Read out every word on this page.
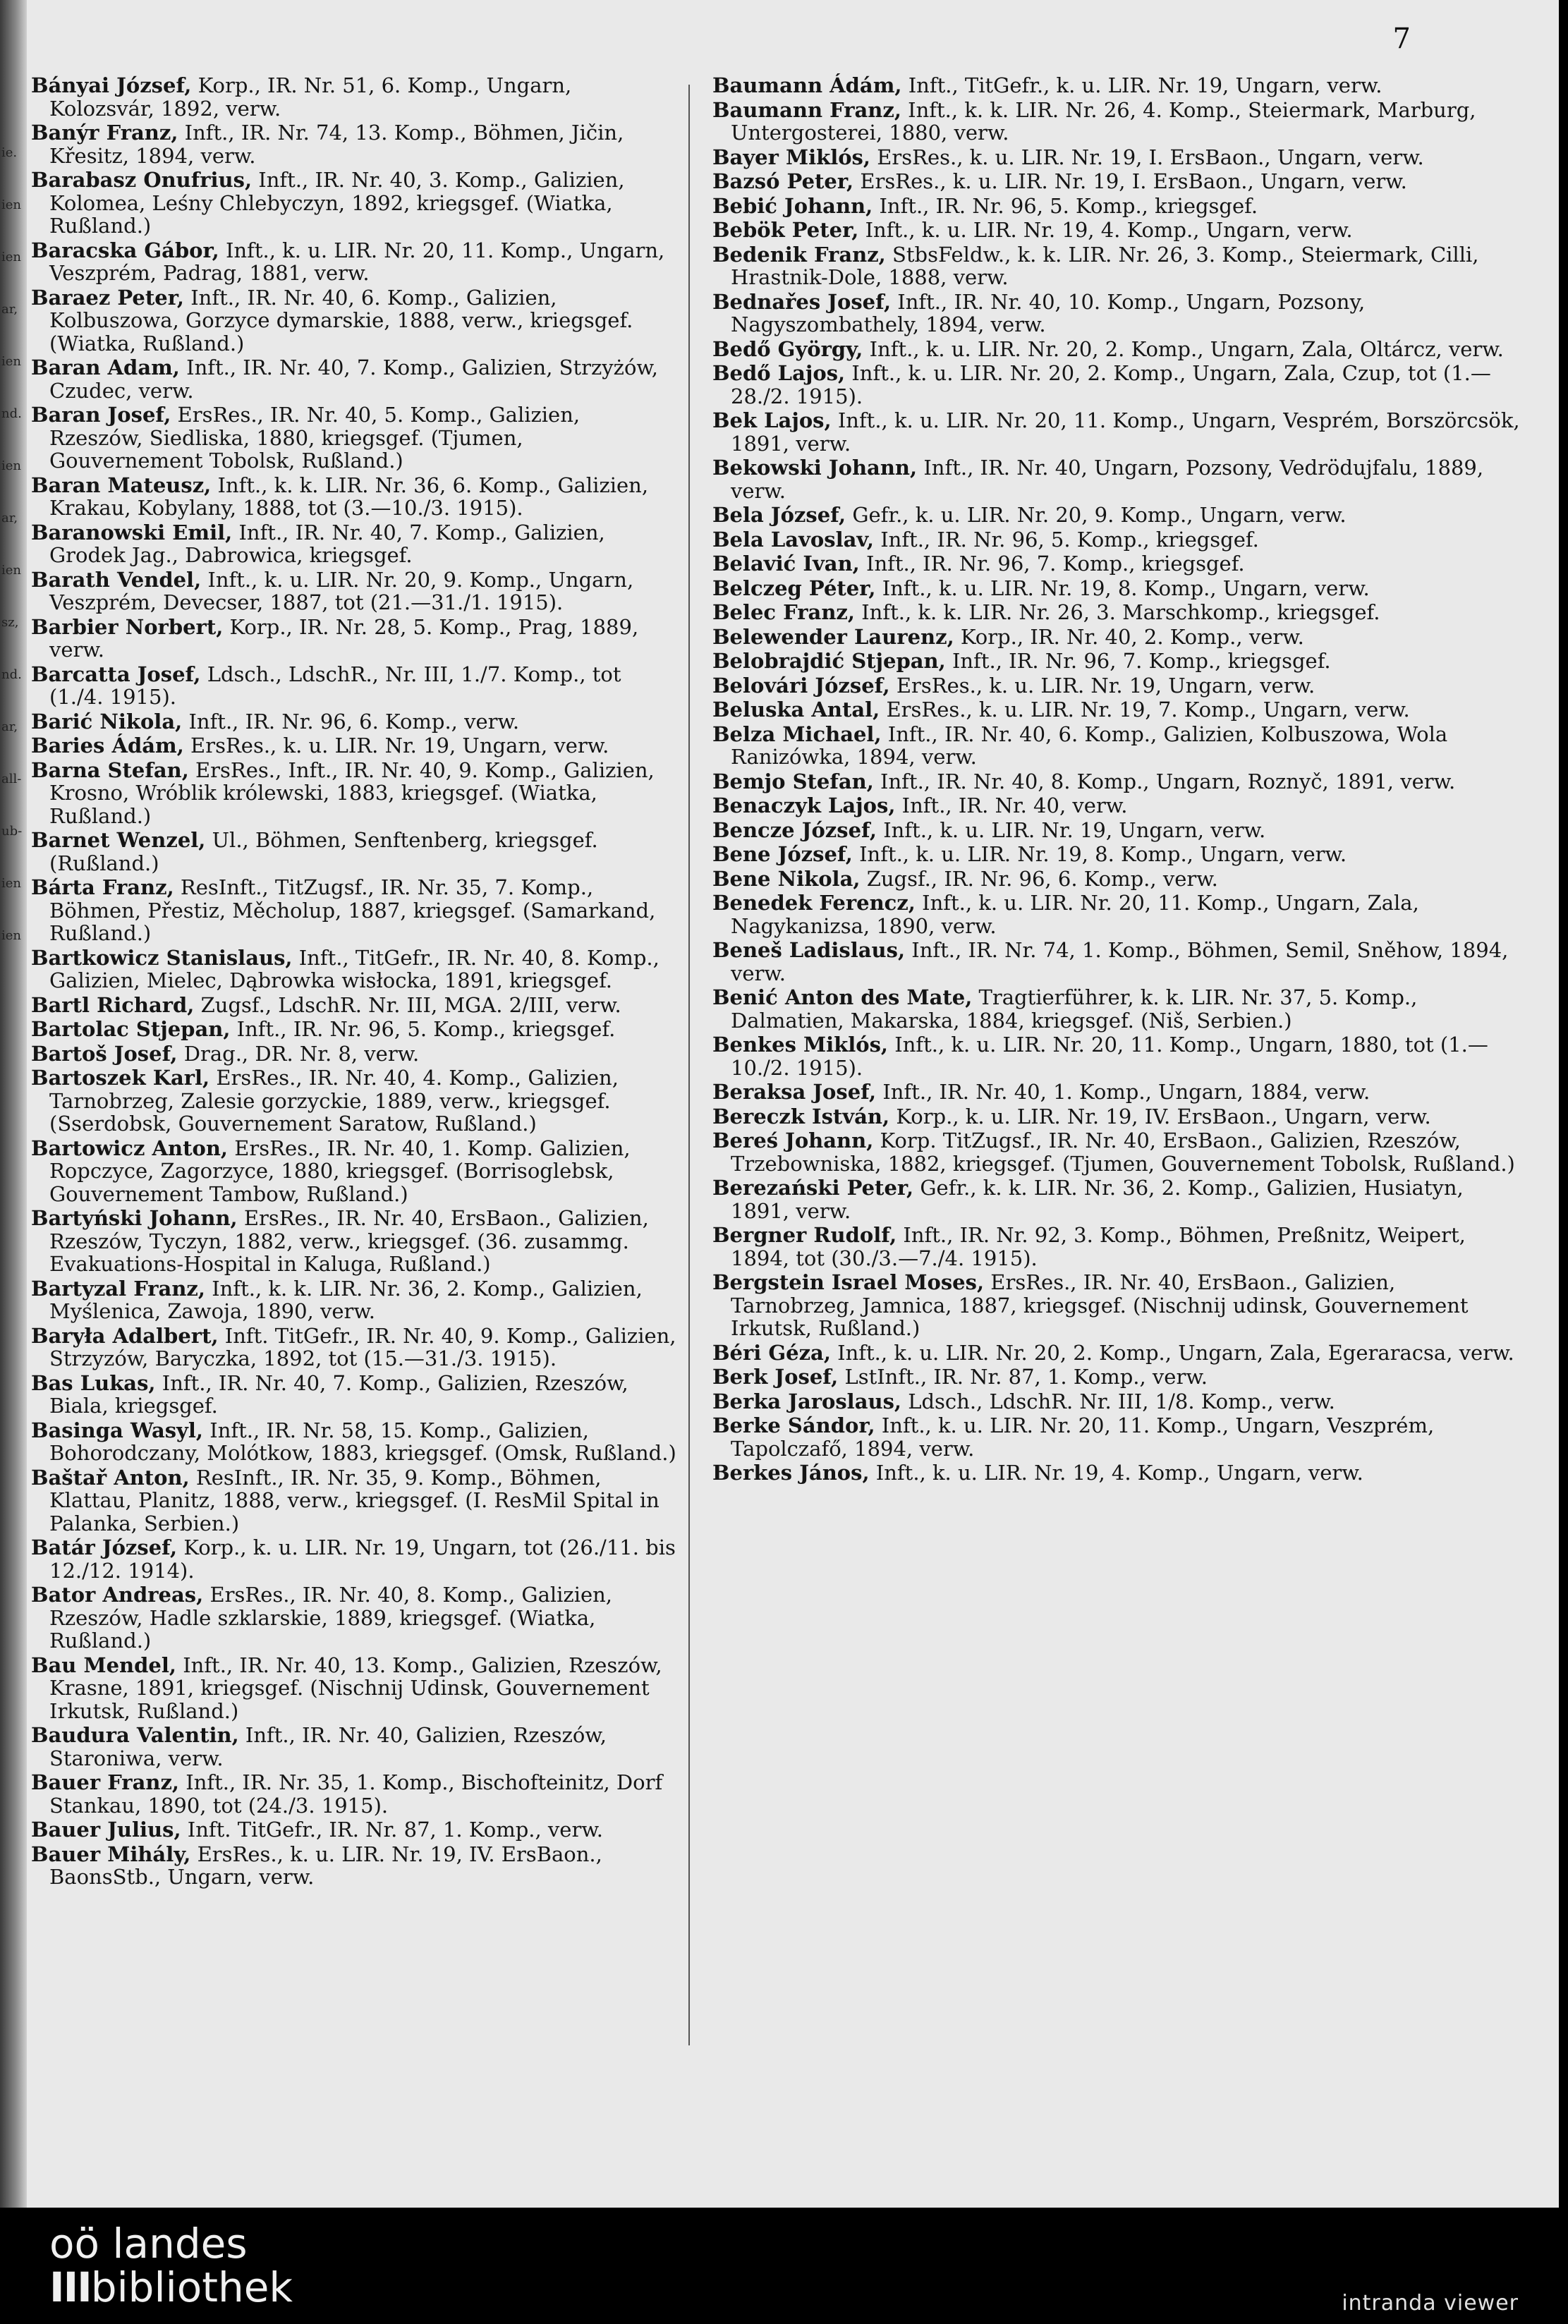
ie.
ien
ien
ar,
ien
nd.
ien
ar,
ien
sz,
nd.
ar,
all-
ub-
ien
ien
7

Bányai József, Korp., IR. Nr. 51, 6. Komp., Ungarn, Kolozsvár, 1892, verw.

Banýr Franz, Inft., IR. Nr. 74, 13. Komp., Böhmen, Jičin, Křesitz, 1894, verw.

Barabasz Onufrius, Inft., IR. Nr. 40, 3. Komp., Galizien, Kolomea, Leśny Chlebyczyn, 1892, kriegsgef. (Wiatka, Rußland.)

Baracska Gábor, Inft., k. u. LIR. Nr. 20, 11. Komp., Ungarn, Veszprém, Padrag, 1881, verw.

Baraez Peter, Inft., IR. Nr. 40, 6. Komp., Galizien, Kolbuszowa, Gorzyce dymarskie, 1888, verw., kriegsgef. (Wiatka, Rußland.)

Baran Adam, Inft., IR. Nr. 40, 7. Komp., Galizien, Strzyżów, Czudec, verw.

Baran Josef, ErsRes., IR. Nr. 40, 5. Komp., Galizien, Rzeszów, Siedliska, 1880, kriegsgef. (Tjumen, Gouvernement Tobolsk, Rußland.)

Baran Mateusz, Inft., k. k. LIR. Nr. 36, 6. Komp., Galizien, Krakau, Kobylany, 1888, tot (3.—10./3. 1915).

Baranowski Emil, Inft., IR. Nr. 40, 7. Komp., Galizien, Grodek Jag., Dabrowica, kriegsgef.

Barath Vendel, Inft., k. u. LIR. Nr. 20, 9. Komp., Ungarn, Veszprém, Devecser, 1887, tot (21.—31./1. 1915).

Barbier Norbert, Korp., IR. Nr. 28, 5. Komp., Prag, 1889, verw.

Barcatta Josef, Ldsch., LdschR., Nr. III, 1./7. Komp., tot (1./4. 1915).

Barić Nikola, Inft., IR. Nr. 96, 6. Komp., verw.

Baries Ádám, ErsRes., k. u. LIR. Nr. 19, Ungarn, verw.

Barna Stefan, ErsRes., Inft., IR. Nr. 40, 9. Komp., Galizien, Krosno, Wróblik królewski, 1883, kriegsgef. (Wiatka, Rußland.)

Barnet Wenzel, Ul., Böhmen, Senftenberg, kriegsgef. (Rußland.)

Bárta Franz, ResInft., TitZugsf., IR. Nr. 35, 7. Komp., Böhmen, Přestiz, Měcholup, 1887, kriegsgef. (Samarkand, Rußland.)

Bartkowicz Stanislaus, Inft., TitGefr., IR. Nr. 40, 8. Komp., Galizien, Mielec, Dąbrowka wisłocka, 1891, kriegsgef.

Bartl Richard, Zugsf., LdschR. Nr. III, MGA. 2/III, verw.

Bartolac Stjepan, Inft., IR. Nr. 96, 5. Komp., kriegsgef.

Bartoš Josef, Drag., DR. Nr. 8, verw.

Bartoszek Karl, ErsRes., IR. Nr. 40, 4. Komp., Galizien, Tarnobrzeg, Zalesie gorzyckie, 1889, verw., kriegsgef. (Sserdobsk, Gouvernement Saratow, Rußland.)

Bartowicz Anton, ErsRes., IR. Nr. 40, 1. Komp. Galizien, Ropczyce, Zagorzyce, 1880, kriegsgef. (Borrisoglebsk, Gouvernement Tambow, Rußland.)

Bartyński Johann, ErsRes., IR. Nr. 40, ErsBaon., Galizien, Rzeszów, Tyczyn, 1882, verw., kriegsgef. (36. zusammg. Evakuations-Hospital in Kaluga, Rußland.)

Bartyzal Franz, Inft., k. k. LIR. Nr. 36, 2. Komp., Galizien, Myślenica, Zawoja, 1890, verw.

Baryła Adalbert, Inft. TitGefr., IR. Nr. 40, 9. Komp., Galizien, Strzyzów, Baryczka, 1892, tot (15.—31./3. 1915).

Bas Lukas, Inft., IR. Nr. 40, 7. Komp., Galizien, Rzeszów, Biala, kriegsgef.

Basinga Wasyl, Inft., IR. Nr. 58, 15. Komp., Galizien, Bohorodczany, Molótkow, 1883, kriegsgef. (Omsk, Rußland.)

Baštař Anton, ResInft., IR. Nr. 35, 9. Komp., Böhmen, Klattau, Planitz, 1888, verw., kriegsgef. (I. ResMil Spital in Palanka, Serbien.)

Batár József, Korp., k. u. LIR. Nr. 19, Ungarn, tot (26./11. bis 12./12. 1914).

Bator Andreas, ErsRes., IR. Nr. 40, 8. Komp., Galizien, Rzeszów, Hadle szklarskie, 1889, kriegsgef. (Wiatka, Rußland.)

Bau Mendel, Inft., IR. Nr. 40, 13. Komp., Galizien, Rzeszów, Krasne, 1891, kriegsgef. (Nischnij Udinsk, Gouvernement Irkutsk, Rußland.)

Baudura Valentin, Inft., IR. Nr. 40, Galizien, Rzeszów, Staroniwa, verw.

Bauer Franz, Inft., IR. Nr. 35, 1. Komp., Bischofteinitz, Dorf Stankau, 1890, tot (24./3. 1915).

Bauer Julius, Inft. TitGefr., IR. Nr. 87, 1. Komp., verw.

Bauer Mihály, ErsRes., k. u. LIR. Nr. 19, IV. ErsBaon., BaonsStb., Ungarn, verw.

Baumann Ádám, Inft., TitGefr., k. u. LIR. Nr. 19, Ungarn, verw.

Baumann Franz, Inft., k. k. LIR. Nr. 26, 4. Komp., Steiermark, Marburg, Untergosterei, 1880, verw.

Bayer Miklós, ErsRes., k. u. LIR. Nr. 19, I. ErsBaon., Ungarn, verw.

Bazsó Peter, ErsRes., k. u. LIR. Nr. 19, I. ErsBaon., Ungarn, verw.

Bebić Johann, Inft., IR. Nr. 96, 5. Komp., kriegsgef.

Bebök Peter, Inft., k. u. LIR. Nr. 19, 4. Komp., Ungarn, verw.

Bedenik Franz, StbsFeldw., k. k. LIR. Nr. 26, 3. Komp., Steiermark, Cilli, Hrastnik-Dole, 1888, verw.

Bednařes Josef, Inft., IR. Nr. 40, 10. Komp., Ungarn, Pozsony, Nagyszombathely, 1894, verw.

Bedő György, Inft., k. u. LIR. Nr. 20, 2. Komp., Ungarn, Zala, Oltárcz, verw.

Bedő Lajos, Inft., k. u. LIR. Nr. 20, 2. Komp., Ungarn, Zala, Czup, tot (1.—28./2. 1915).

Bek Lajos, Inft., k. u. LIR. Nr. 20, 11. Komp., Ungarn, Vesprém, Borszörcsök, 1891, verw.

Bekowski Johann, Inft., IR. Nr. 40, Ungarn, Pozsony, Vedrödujfalu, 1889, verw.

Bela József, Gefr., k. u. LIR. Nr. 20, 9. Komp., Ungarn, verw.

Bela Lavoslav, Inft., IR. Nr. 96, 5. Komp., kriegsgef.

Belavić Ivan, Inft., IR. Nr. 96, 7. Komp., kriegsgef.

Belczeg Péter, Inft., k. u. LIR. Nr. 19, 8. Komp., Ungarn, verw.

Belec Franz, Inft., k. k. LIR. Nr. 26, 3. Marschkomp., kriegsgef.

Belewender Laurenz, Korp., IR. Nr. 40, 2. Komp., verw.

Belobrajdić Stjepan, Inft., IR. Nr. 96, 7. Komp., kriegsgef.

Belovári József, ErsRes., k. u. LIR. Nr. 19, Ungarn, verw.

Beluska Antal, ErsRes., k. u. LIR. Nr. 19, 7. Komp., Ungarn, verw.

Belza Michael, Inft., IR. Nr. 40, 6. Komp., Galizien, Kolbuszowa, Wola Ranizówka, 1894, verw.

Bemjo Stefan, Inft., IR. Nr. 40, 8. Komp., Ungarn, Roznyč, 1891, verw.

Benaczyk Lajos, Inft., IR. Nr. 40, verw.

Bencze József, Inft., k. u. LIR. Nr. 19, Ungarn, verw.

Bene József, Inft., k. u. LIR. Nr. 19, 8. Komp., Ungarn, verw.

Bene Nikola, Zugsf., IR. Nr. 96, 6. Komp., verw.

Benedek Ferencz, Inft., k. u. LIR. Nr. 20, 11. Komp., Ungarn, Zala, Nagykanizsa, 1890, verw.

Beneš Ladislaus, Inft., IR. Nr. 74, 1. Komp., Böhmen, Semil, Sněhow, 1894, verw.

Benić Anton des Mate, Tragtierführer, k. k. LIR. Nr. 37, 5. Komp., Dalmatien, Makarska, 1884, kriegsgef. (Niš, Serbien.)

Benkes Miklós, Inft., k. u. LIR. Nr. 20, 11. Komp., Ungarn, 1880, tot (1.—10./2. 1915).

Beraksa Josef, Inft., IR. Nr. 40, 1. Komp., Ungarn, 1884, verw.

Bereczk István, Korp., k. u. LIR. Nr. 19, IV. ErsBaon., Ungarn, verw.

Bereś Johann, Korp. TitZugsf., IR. Nr. 40, ErsBaon., Galizien, Rzeszów, Trzebowniska, 1882, kriegsgef. (Tjumen, Gouvernement Tobolsk, Rußland.)

Berezański Peter, Gefr., k. k. LIR. Nr. 36, 2. Komp., Galizien, Husiatyn, 1891, verw.

Bergner Rudolf, Inft., IR. Nr. 92, 3. Komp., Böhmen, Preßnitz, Weipert, 1894, tot (30./3.—7./4. 1915).

Bergstein Israel Moses, ErsRes., IR. Nr. 40, ErsBaon., Galizien, Tarnobrzeg, Jamnica, 1887, kriegsgef. (Nischnij udinsk, Gouvernement Irkutsk, Rußland.)

Béri Géza, Inft., k. u. LIR. Nr. 20, 2. Komp., Ungarn, Zala, Egeraracsa, verw.

Berk Josef, LstInft., IR. Nr. 87, 1. Komp., verw.

Berka Jaroslaus, Ldsch., LdschR. Nr. III, 1/8. Komp., verw.

Berke Sándor, Inft., k. u. LIR. Nr. 20, 11. Komp., Ungarn, Veszprém, Tapolczafő, 1894, verw.

Berkes János, Inft., k. u. LIR. Nr. 19, 4. Komp., Ungarn, verw.

oö landes
IIIbibliothek	intranda viewer
